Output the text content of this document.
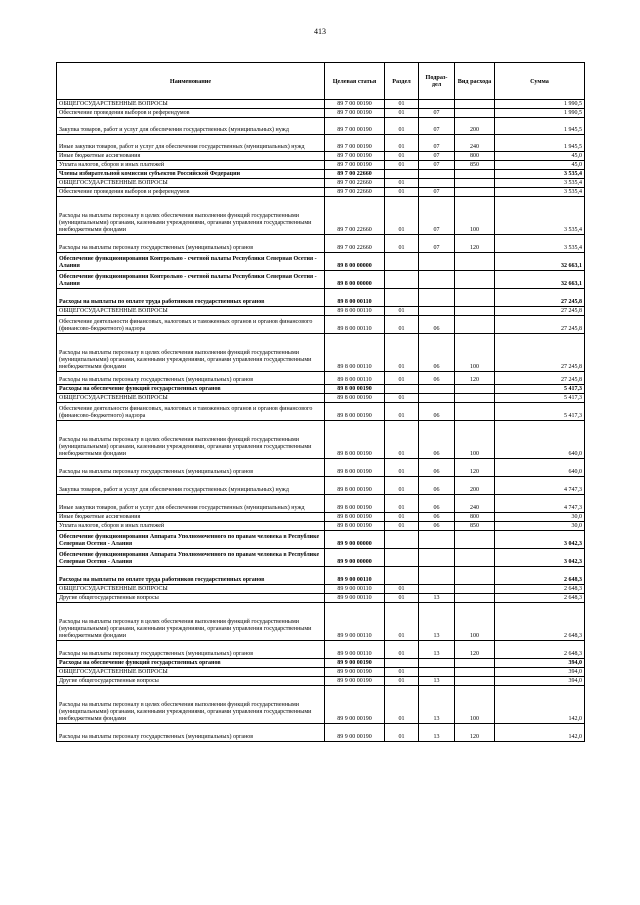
413
Наименование	Целевая статья	Раздел	Подраз-дел	Вид расхода	Сумма
ОБЩЕГОСУДАРСТВЕННЫЕ ВОПРОСЫ	89 7 00 00190	01			1 990,5
Обеспечение проведения выборов и референдумов	89 7 00 00190	01	07		1 990,5
Закупка товаров, работ и услуг для обеспечения государственных (муниципальных) нужд	89 7 00 00190	01	07	200	1 945,5
Иные закупки товаров, работ и услуг для обеспечения государственных (муниципальных) нужд	89 7 00 00190	01	07	240	1 945,5
Иные бюджетные ассигнования	89 7 00 00190	01	07	800	45,0
Уплата налогов, сборов и иных платежей	89 7 00 00190	01	07	850	45,0
Члены избирательной комиссии субъектов Российской Федерации	89 7 00 22660				3 535,4
ОБЩЕГОСУДАРСТВЕННЫЕ ВОПРОСЫ	89 7 00 22660	01			3 535,4
Обеспечение проведения выборов и референдумов	89 7 00 22660	01	07		3 535,4
Расходы на выплаты персоналу в целях обеспечения выполнения функций государственными (муниципальными) органами, казенными учреждениями, органами управления государственными внебюджетными фондами	89 7 00 22660	01	07	100	3 535,4
Расходы на выплаты персоналу государственных (муниципальных) органов	89 7 00 22660	01	07	120	3 535,4
Обеспечение функционирования Контрольно - счетной палаты Республики Северная Осетия - Алания	89 8 00 00000				32 663,1
Обеспечение функционирования Контрольно - счетной палаты Республики Северная Осетия - Алания	89 8 00 00000				32 663,1
Расходы на выплаты по оплате труда работников государственных органов	89 8 00 00110				27 245,8
ОБЩЕГОСУДАРСТВЕННЫЕ ВОПРОСЫ	89 8 00 00110	01			27 245,8
Обеспечение деятельности финансовых, налоговых и таможенных органов и органов финансового (финансово-бюджетного) надзора	89 8 00 00110	01	06		27 245,8
Расходы на выплаты персоналу в целях обеспечения выполнения функций государственными (муниципальными) органами, казенными учреждениями, органами управления государственными внебюджетными фондами	89 8 00 00110	01	06	100	27 245,8
Расходы на выплаты персоналу государственных (муниципальных) органов	89 8 00 00110	01	06	120	27 245,8
Расходы на обеспечение функций государственных органов	89 8 00 00190				5 417,3
ОБЩЕГОСУДАРСТВЕННЫЕ ВОПРОСЫ	89 8 00 00190	01			5 417,3
Обеспечение деятельности финансовых, налоговых и таможенных органов и органов финансового (финансово-бюджетного) надзора	89 8 00 00190	01	06		5 417,3
Расходы на выплаты персоналу в целях обеспечения выполнения функций государственными (муниципальными) органами, казенными учреждениями, органами управления государственными внебюджетными фондами	89 8 00 00190	01	06	100	640,0
Расходы на выплаты персоналу государственных (муниципальных) органов	89 8 00 00190	01	06	120	640,0
Закупка товаров, работ и услуг для обеспечения государственных (муниципальных) нужд	89 8 00 00190	01	06	200	4 747,3
Иные закупки товаров, работ и услуг для обеспечения государственных (муниципальных) нужд	89 8 00 00190	01	06	240	4 747,3
Иные бюджетные ассигнования	89 8 00 00190	01	06	800	30,0
Уплата налогов, сборов и иных платежей	89 8 00 00190	01	06	850	30,0
Обеспечение функционирования Аппарата Уполномоченного по правам человека в Республике Северная Осетия - Алания	89 9 00 00000				3 042,3
Обеспечение функционирования Аппарата Уполномоченного по правам человека в Республике Северная Осетия - Алания	89 9 00 00000				3 042,3
Расходы на выплаты по оплате труда работников государственных органов	89 9 00 00110				2 648,3
ОБЩЕГОСУДАРСТВЕННЫЕ ВОПРОСЫ	89 9 00 00110	01			2 648,3
Другие общегосударственные вопросы	89 9 00 00110	01	13		2 648,3
Расходы на выплаты персоналу в целях обеспечения выполнения функций государственными (муниципальными) органами, казенными учреждениями, органами управления государственными внебюджетными фондами	89 9 00 00110	01	13	100	2 648,3
Расходы на выплаты персоналу государственных (муниципальных) органов	89 9 00 00110	01	13	120	2 648,3
Расходы на обеспечение функций государственных органов	89 9 00 00190				394,0
ОБЩЕГОСУДАРСТВЕННЫЕ ВОПРОСЫ	89 9 00 00190	01			394,0
Другие общегосударственные вопросы	89 9 00 00190	01	13		394,0
Расходы на выплаты персоналу в целях обеспечения выполнения функций государственными (муниципальными) органами, казенными учреждениями, органами управления государственными внебюджетными фондами	89 9 00 00190	01	13	100	142,0
Расходы на выплаты персоналу государственных (муниципальных) органов	89 9 00 00190	01	13	120	142,0
